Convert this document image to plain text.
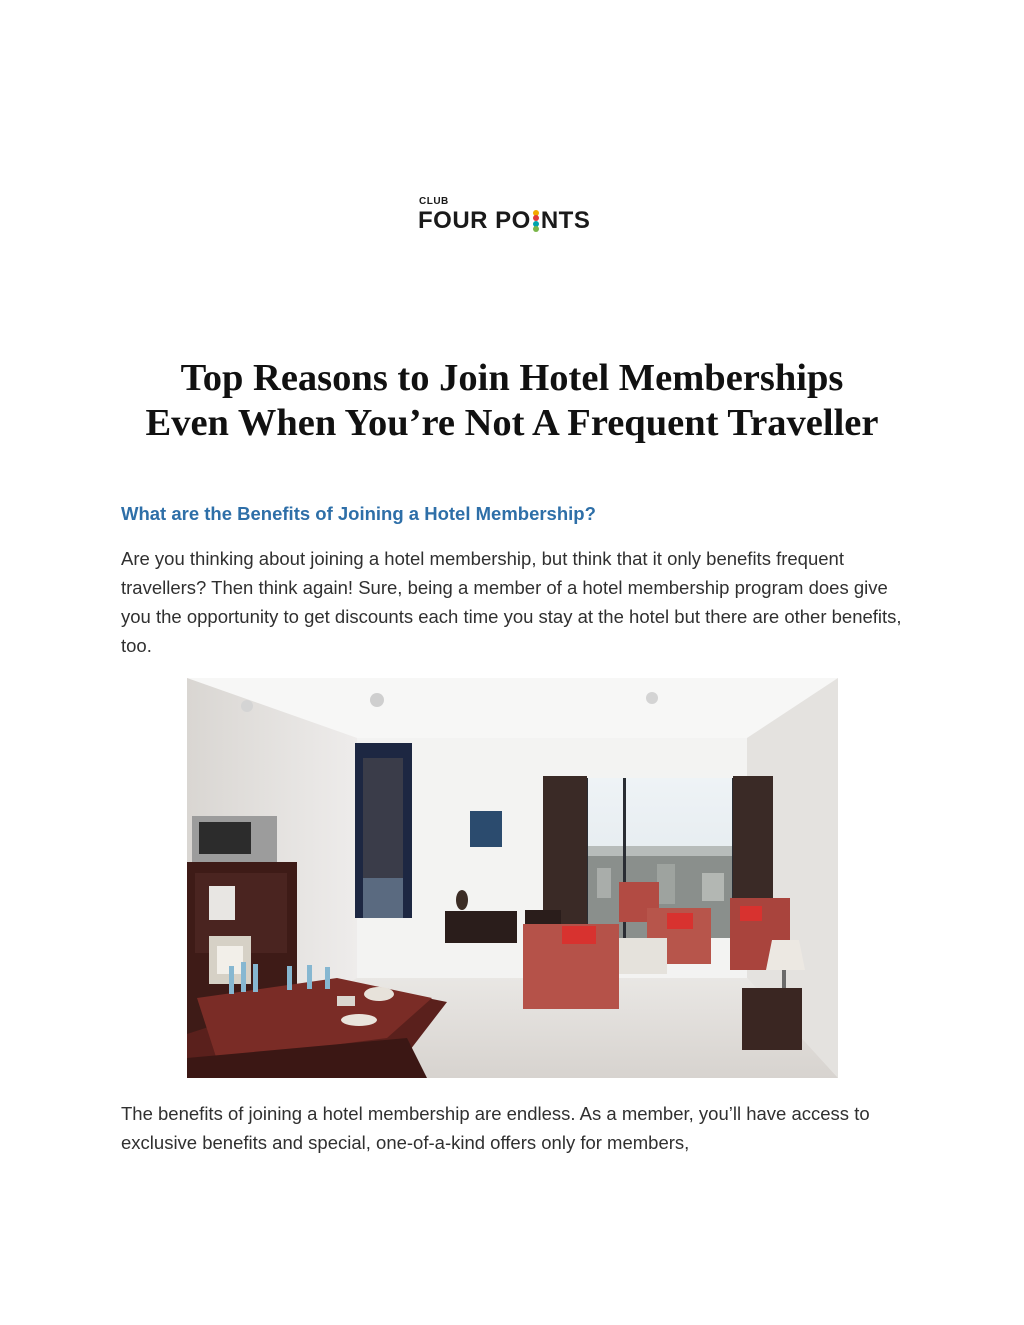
CLUB
FOUR PO NTS
Top Reasons to Join Hotel Memberships
Even When You’re Not A Frequent Traveller
What are the Benefits of Joining a Hotel Membership?

Are you thinking about joining a hotel membership, but think that it only benefits frequent travellers? Then think again! Sure, being a member of a hotel membership program does give you the opportunity to get discounts each time you stay at the hotel but there are other benefits, too.

The benefits of joining a hotel membership are endless. As a member, you’ll have access to exclusive benefits and special, one-of-a-kind offers only for members,
